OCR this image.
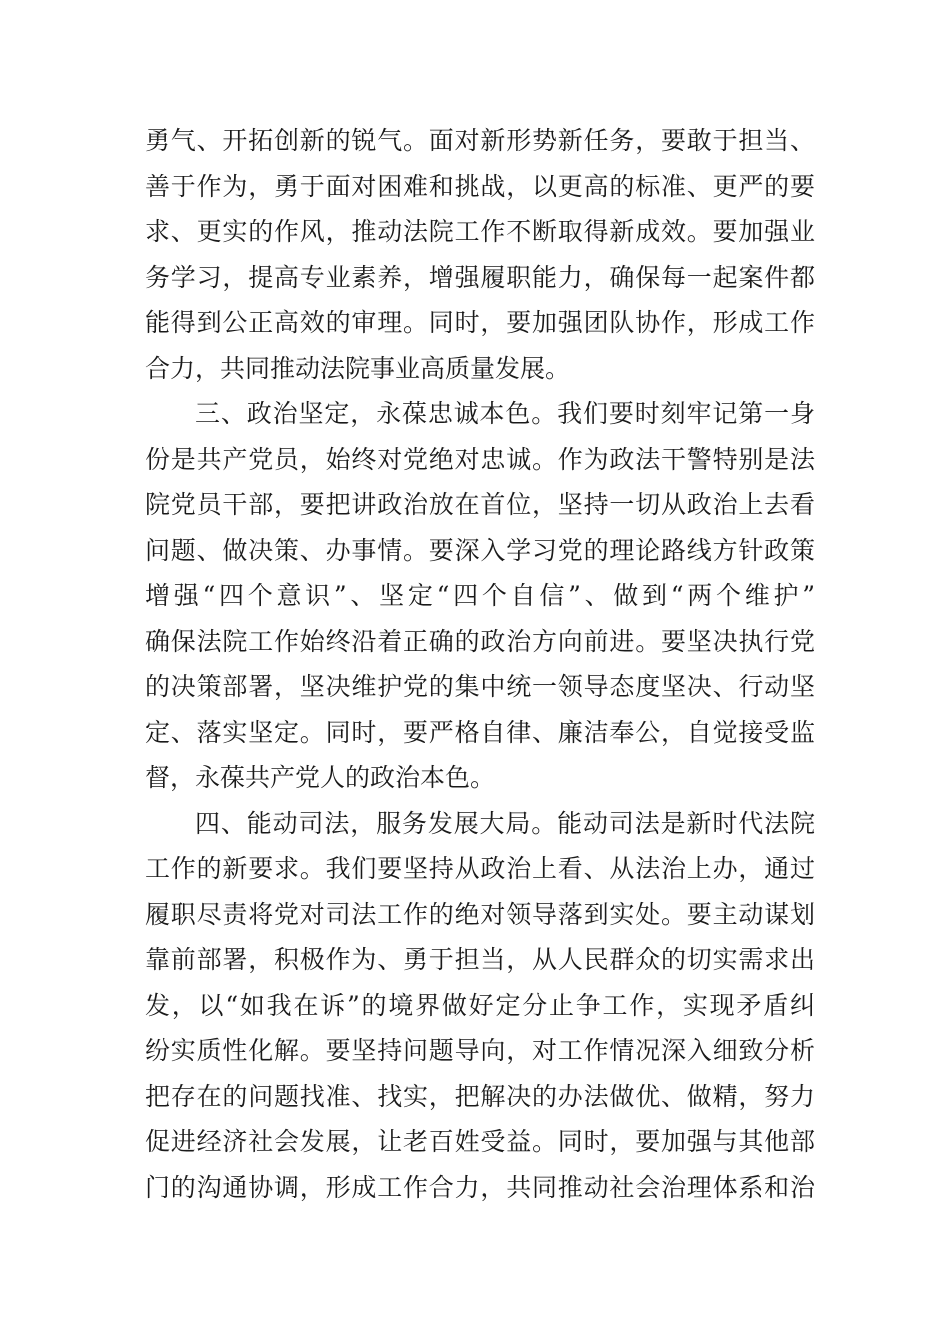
勇气、开拓创新的锐气。面对新形势新任务，要敢于担当、
善于作为，勇于面对困难和挑战，以更高的标准、更严的要
求、更实的作风，推动法院工作不断取得新成效。要加强业
务学习，提高专业素养，增强履职能力，确保每一起案件都
能得到公正高效的审理。同时，要加强团队协作，形成工作
合力，共同推动法院事业高质量发展。
三、政治坚定，永葆忠诚本色。我们要时刻牢记第一身
份是共产党员，始终对党绝对忠诚。作为政法干警特别是法
院党员干部，要把讲政治放在首位，坚持一切从政治上去看
问题、做决策、办事情。要深入学习党的理论路线方针政策
增强“四个意识”、坚定“四个自信”、做到“两个维护”
确保法院工作始终沿着正确的政治方向前进。要坚决执行党
的决策部署，坚决维护党的集中统一领导态度坚决、行动坚
定、落实坚定。同时，要严格自律、廉洁奉公，自觉接受监
督，永葆共产党人的政治本色。
四、能动司法，服务发展大局。能动司法是新时代法院
工作的新要求。我们要坚持从政治上看、从法治上办，通过
履职尽责将党对司法工作的绝对领导落到实处。要主动谋划
靠前部署，积极作为、勇于担当，从人民群众的切实需求出
发，以“如我在诉”的境界做好定分止争工作，实现矛盾纠
纷实质性化解。要坚持问题导向，对工作情况深入细致分析
把存在的问题找准、找实，把解决的办法做优、做精，努力
促进经济社会发展，让老百姓受益。同时，要加强与其他部
门的沟通协调，形成工作合力，共同推动社会治理体系和治
